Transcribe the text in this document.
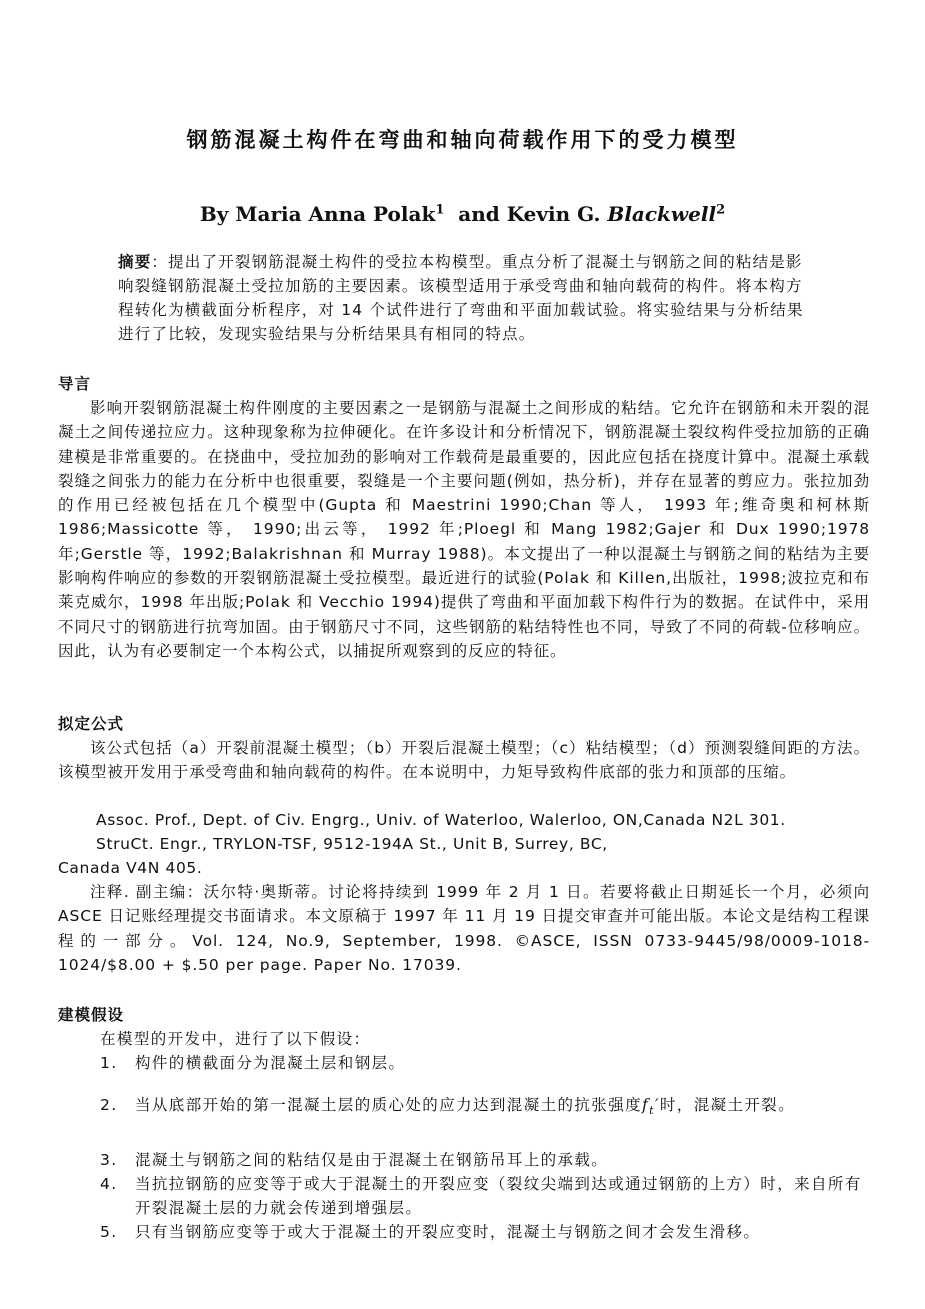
钢筋混凝土构件在弯曲和轴向荷载作用下的受力模型
By Maria Anna Polak$^1$  and Kevin G. Blackwell$^2$
摘要：提出了开裂钢筋混凝土构件的受拉本构模型。重点分析了混凝土与钢筋之间的粘结是影响裂缝钢筋混凝土受拉加筋的主要因素。该模型适用于承受弯曲和轴向载荷的构件。将本构方程转化为横截面分析程序，对 14 个试件进行了弯曲和平面加载试验。将实验结果与分析结果进行了比较，发现实验结果与分析结果具有相同的特点。
导言
影响开裂钢筋混凝土构件刚度的主要因素之一是钢筋与混凝土之间形成的粘结。它允许在钢筋和未开裂的混凝土之间传递拉应力。这种现象称为拉伸硬化。在许多设计和分析情况下，钢筋混凝土裂纹构件受拉加筋的正确建模是非常重要的。在挠曲中，受拉加劲的影响对工作载荷是最重要的，因此应包括在挠度计算中。混凝土承载裂缝之间张力的能力在分析中也很重要，裂缝是一个主要问题(例如，热分析)，并存在显著的剪应力。张拉加劲的作用已经被包括在几个模型中(Gupta 和 Maestrini 1990;Chan 等人， 1993 年;维奇奥和柯林斯 1986;Massicotte 等， 1990;出云等， 1992 年;Ploegl 和 Mang 1982;Gajer 和 Dux 1990;1978 年;Gerstle 等，1992;Balakrishnan 和 Murray 1988)。本文提出了一种以混凝土与钢筋之间的粘结为主要影响构件响应的参数的开裂钢筋混凝土受拉模型。最近进行的试验(Polak 和 Killen,出版社，1998;波拉克和布莱克威尔，1998 年出版;Polak 和 Vecchio 1994)提供了弯曲和平面加载下构件行为的数据。在试件中，采用不同尺寸的钢筋进行抗弯加固。由于钢筋尺寸不同，这些钢筋的粘结特性也不同，导致了不同的荷载-位移响应。因此，认为有必要制定一个本构公式，以捕捉所观察到的反应的特征。
拟定公式
该公式包括（a）开裂前混凝土模型；（b）开裂后混凝土模型；（c）粘结模型；（d）预测裂缝间距的方法。该模型被开发用于承受弯曲和轴向载荷的构件。在本说明中，力矩导致构件底部的张力和顶部的压缩。
Assoc. Prof., Dept. of Civ. Engrg., Univ. of Waterloo, Walerloo, ON,Canada N2L 301.
StruCt. Engr., TRYLON-TSF, 9512-194A St., Unit B, Surrey, BC,
Canada V4N 405.
注释. 副主编：沃尔特·奥斯蒂。讨论将持续到 1999 年 2 月 1 日。若要将截止日期延长一个月，必须向 ASCE 日记账经理提交书面请求。本文原稿于 1997 年 11 月 19 日提交审查并可能出版。本论文是结构工程课程的一部分。Vol. 124, No.9, September, 1998. ©ASCE, ISSN 0733-9445/98/0009-1018-1024/$8.00 + $.50 per page. Paper No. 17039.
建模假设
在模型的开发中，进行了以下假设：
1. 构件的横截面分为混凝土层和钢层。
2. 当从底部开始的第一混凝土层的质心处的应力达到混凝土的抗张强度$f_t'$时，混凝土开裂。
3. 混凝土与钢筋之间的粘结仅是由于混凝土在钢筋吊耳上的承载。
4. 当抗拉钢筋的应变等于或大于混凝土的开裂应变（裂纹尖端到达或通过钢筋的上方）时，来自所有开裂混凝土层的力就会传递到增强层。
5. 只有当钢筋应变等于或大于混凝土的开裂应变时，混凝土与钢筋之间才会发生滑移。
